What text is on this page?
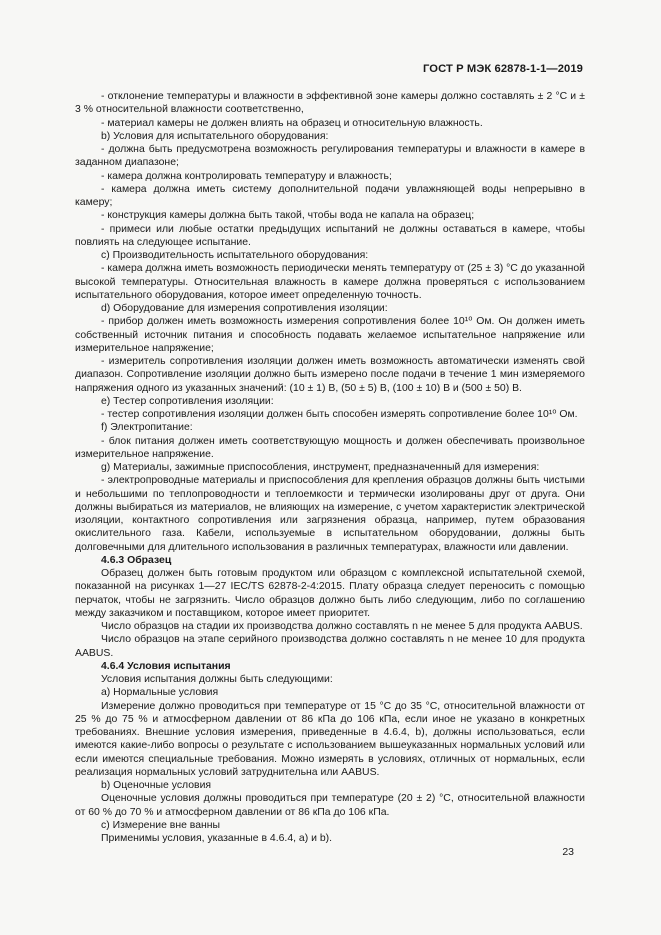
ГОСТ Р МЭК 62878-1-1—2019

- отклонение температуры и влажности в эффективной зоне камеры должно составлять ± 2 °С и ± 3 % относительной влажности соответственно,

- материал камеры не должен влиять на образец и относительную влажность.

b) Условия для испытательного оборудования:

- должна быть предусмотрена возможность регулирования температуры и влажности в камере в заданном диапазоне;

- камера должна контролировать температуру и влажность;

- камера должна иметь систему дополнительной подачи увлажняющей воды непрерывно в камеру;

- конструкция камеры должна быть такой, чтобы вода не капала на образец;

- примеси или любые остатки предыдущих испытаний не должны оставаться в камере, чтобы повлиять на следующее испытание.

c) Производительность испытательного оборудования:

- камера должна иметь возможность периодически менять температуру от (25 ± 3) °С до указанной высокой температуры. Относительная влажность в камере должна проверяться с использованием испытательного оборудования, которое имеет определенную точность.

d) Оборудование для измерения сопротивления изоляции:

- прибор должен иметь возможность измерения сопротивления более 10¹⁰ Ом. Он должен иметь собственный источник питания и способность подавать желаемое испытательное напряжение или измерительное напряжение;

- измеритель сопротивления изоляции должен иметь возможность автоматически изменять свой диапазон. Сопротивление изоляции должно быть измерено после подачи в течение 1 мин измеряемого напряжения одного из указанных значений: (10 ± 1) В, (50 ± 5) В, (100 ± 10) В и (500 ± 50) В.

e) Тестер сопротивления изоляции:

- тестер сопротивления изоляции должен быть способен измерять сопротивление более 10¹⁰ Ом.

f) Электропитание:

- блок питания должен иметь соответствующую мощность и должен обеспечивать произвольное измерительное напряжение.

g) Материалы, зажимные приспособления, инструмент, предназначенный для измерения:

- электропроводные материалы и приспособления для крепления образцов должны быть чистыми и небольшими по теплопроводности и теплоемкости и термически изолированы друг от друга. Они должны выбираться из материалов, не влияющих на измерение, с учетом характеристик электрической изоляции, контактного сопротивления или загрязнения образца, например, путем образования окислительного газа. Кабели, используемые в испытательном оборудовании, должны быть долговечными для длительного использования в различных температурах, влажности или давлении.

4.6.3 Образец

Образец должен быть готовым продуктом или образцом с комплексной испытательной схемой, показанной на рисунках 1—27 IEC/TS 62878-2-4:2015. Плату образца следует переносить с помощью перчаток, чтобы не загрязнить. Число образцов должно быть либо следующим, либо по соглашению между заказчиком и поставщиком, которое имеет приоритет.

Число образцов на стадии их производства должно составлять n не менее 5 для продукта AABUS.

Число образцов на этапе серийного производства должно составлять n не менее 10 для продукта AABUS.

4.6.4 Условия испытания

Условия испытания должны быть следующими:

а) Нормальные условия

Измерение должно проводиться при температуре от 15 °С до 35 °С, относительной влажности от 25 % до 75 % и атмосферном давлении от 86 кПа до 106 кПа, если иное не указано в конкретных требованиях. Внешние условия измерения, приведенные в 4.6.4, b), должны использоваться, если имеются какие-либо вопросы о результате с использованием вышеуказанных нормальных условий или если имеются специальные требования. Можно измерять в условиях, отличных от нормальных, если реализация нормальных условий затруднительна или AABUS.

b) Оценочные условия

Оценочные условия должны проводиться при температуре (20 ± 2) °С, относительной влажности от 60 % до 70 % и атмосферном давлении от 86 кПа до 106 кПа.

c) Измерение вне ванны

Применимы условия, указанные в 4.6.4, а) и b).

23
